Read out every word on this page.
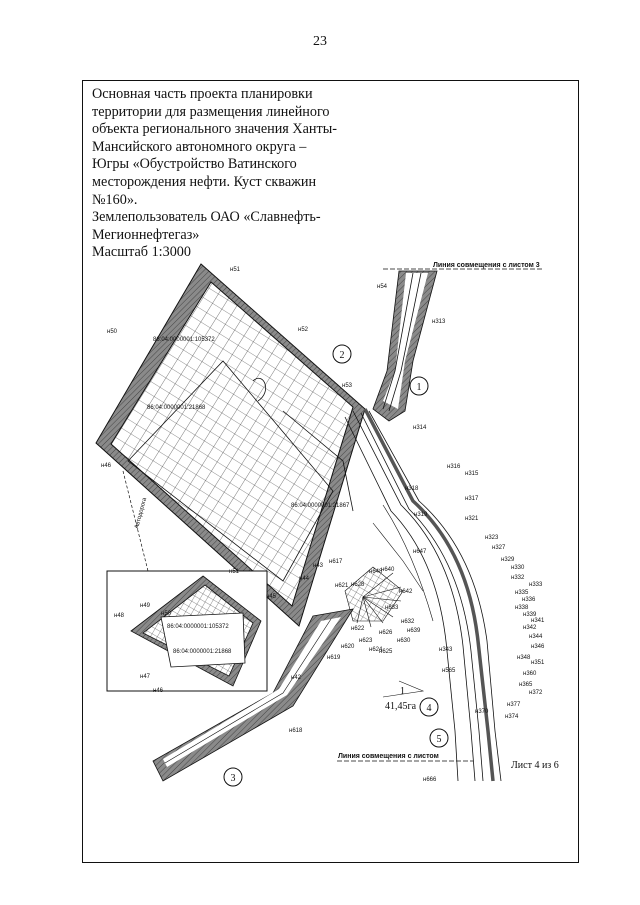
23
Основная часть проекта планировки
территории для размещения линейного
объекта регионального значения Ханты-
Мансийского автономного округа –
Югры «Обустройство Ватинского
месторождения нефти. Куст скважин
№160».
Землепользователь ОАО «Славнефть-
Мегионнефтегаз»
Масштаб 1:3000
Автодорога
86:04:0000001:105372
86:04:0000001:21868
86:04:0000001:105372
86:04:0000001:21868
86:04:0000001:21867
Линия совмещения с листом 3
Линия совмещения с листом
Лист 4 из 6
1
41,45га
2
1
3
4
5
н51
н50	н52
н53
н54
н46
н45
н44
н43
н42
н51
н50
н49
н48
н47
н46
н313
н314
н315
н316
н317
н318
н319
н321
н323
н327
н329
н330
н332
н333
н335
н336
н338
н339
н341
н342
н343
н344
н346
н348
н351
н360
н365
н372
н377
н374
н370
н565
н617
н618
н619
н620
н621
н622
н623
н624
н625
н626
н628
н630
н632
н633
н639
н640
н642
н647
н648
н666
